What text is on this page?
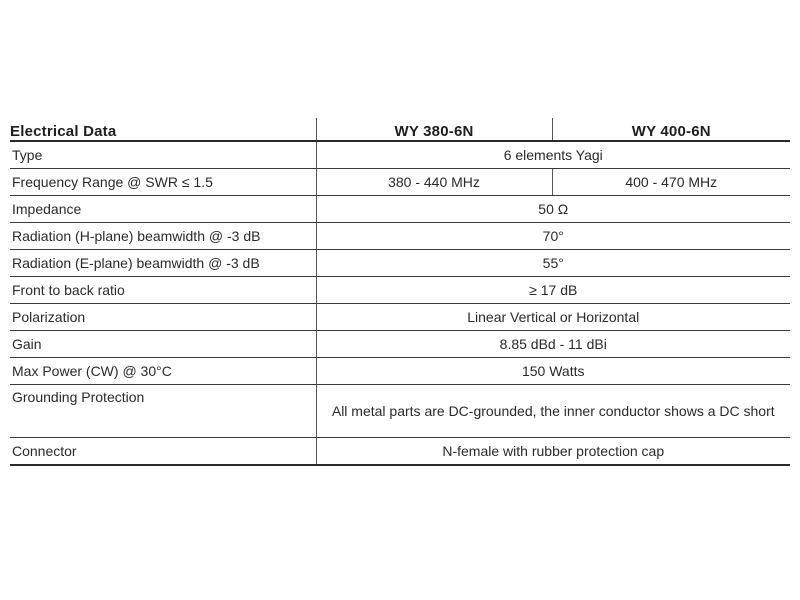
Electrical Data	WY 380-6N	WY 400-6N
Type	6 elements Yagi	
Frequency Range @ SWR ≤ 1.5	380 - 440 MHz	400 - 470 MHz
Impedance	50 Ω	
Radiation (H-plane) beamwidth @ -3 dB	70°	
Radiation (E-plane) beamwidth @ -3 dB	55°	
Front to back ratio	≥ 17 dB	
Polarization	Linear Vertical or Horizontal	
Gain	8.85 dBd - 11 dBi	
Max Power (CW) @ 30°C	150 Watts	
Grounding Protection	All metal parts are DC-grounded, the inner conductor shows a DC short	
Connector	N-female with rubber protection cap	
